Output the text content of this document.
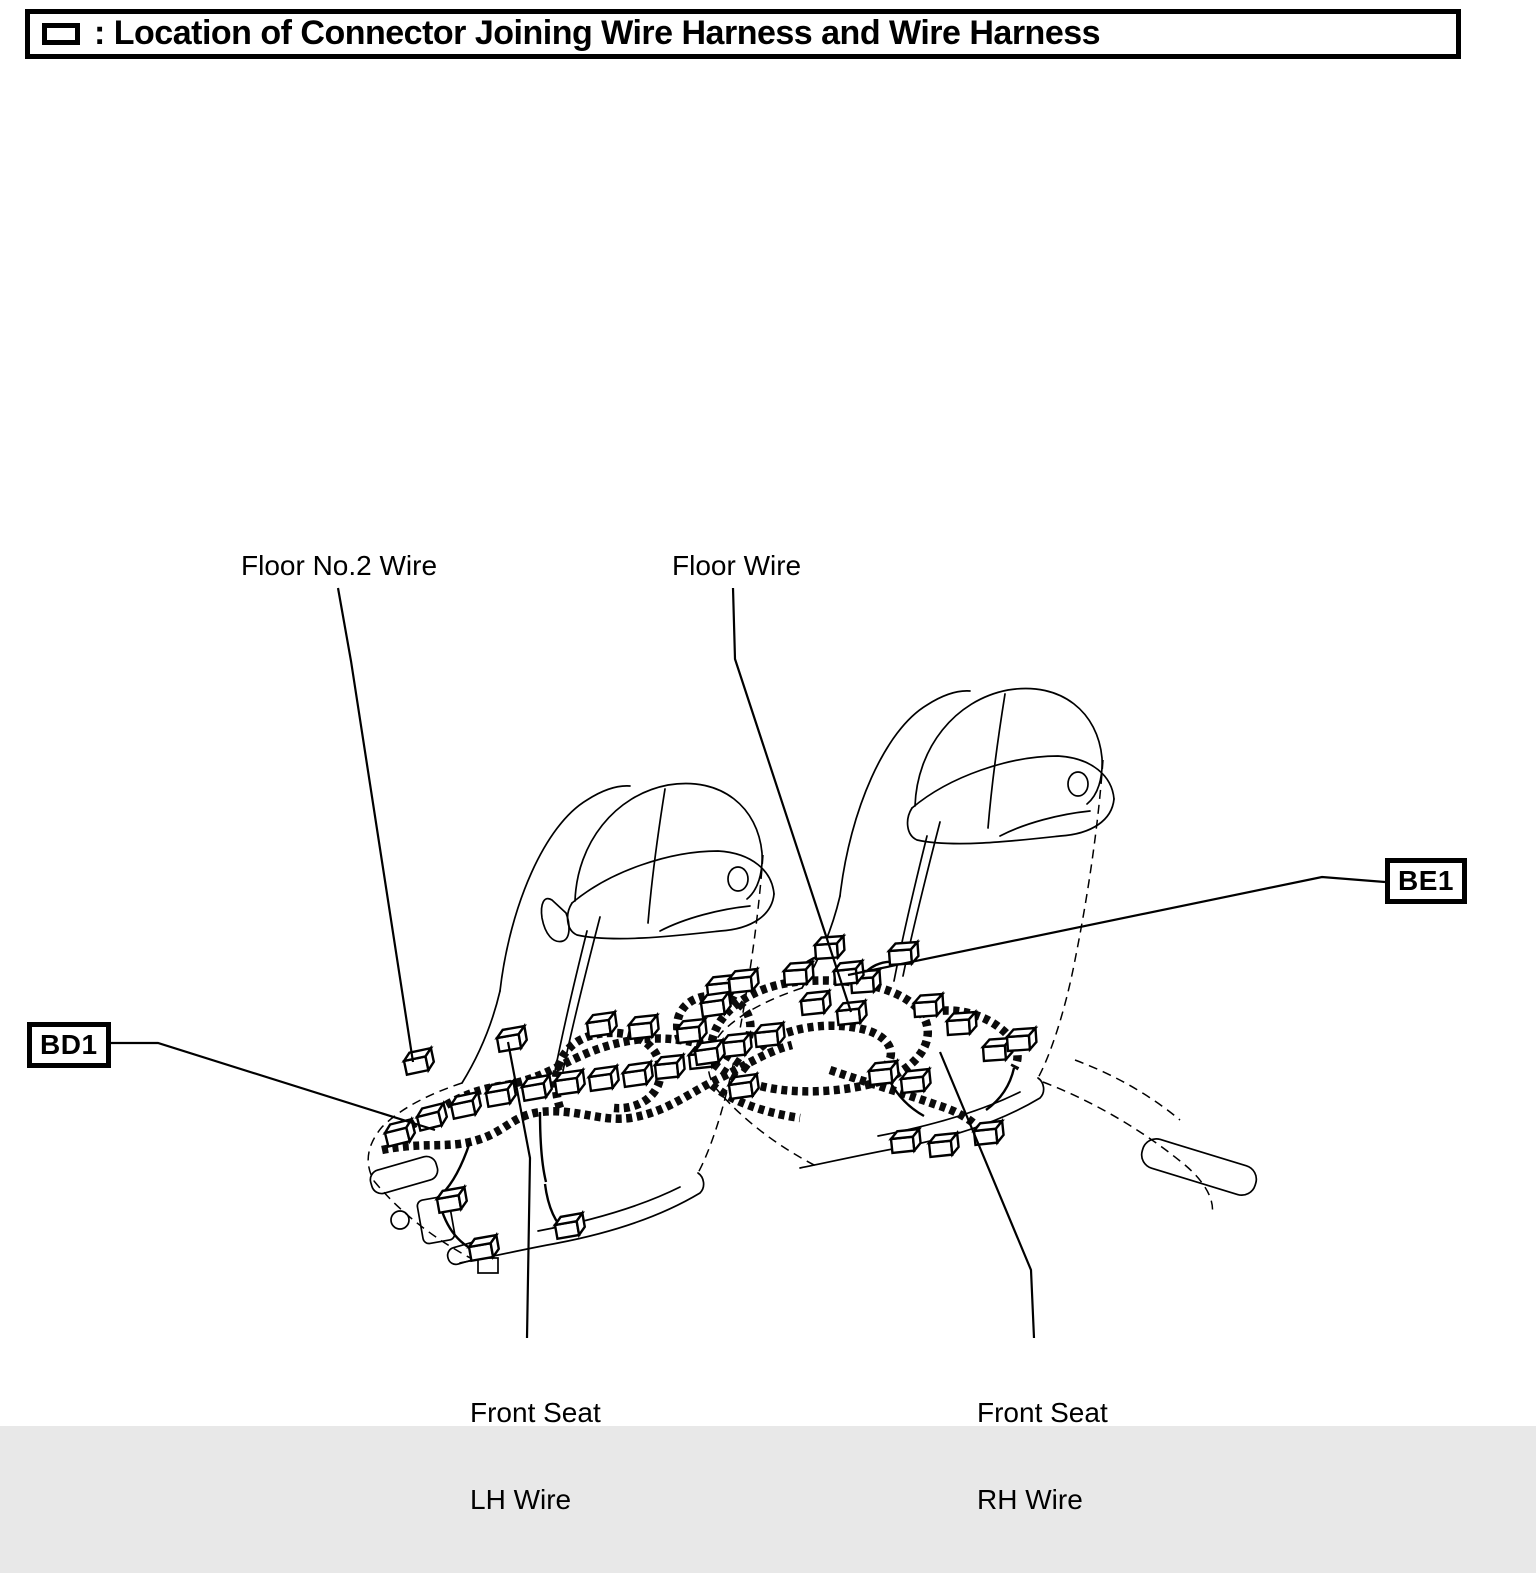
: Location of Connector Joining Wire Harness and Wire Harness
Floor No.2 Wire	Floor Wire

Front Seat

LH Wire

Front Seat

RH Wire

BD1
BE1
